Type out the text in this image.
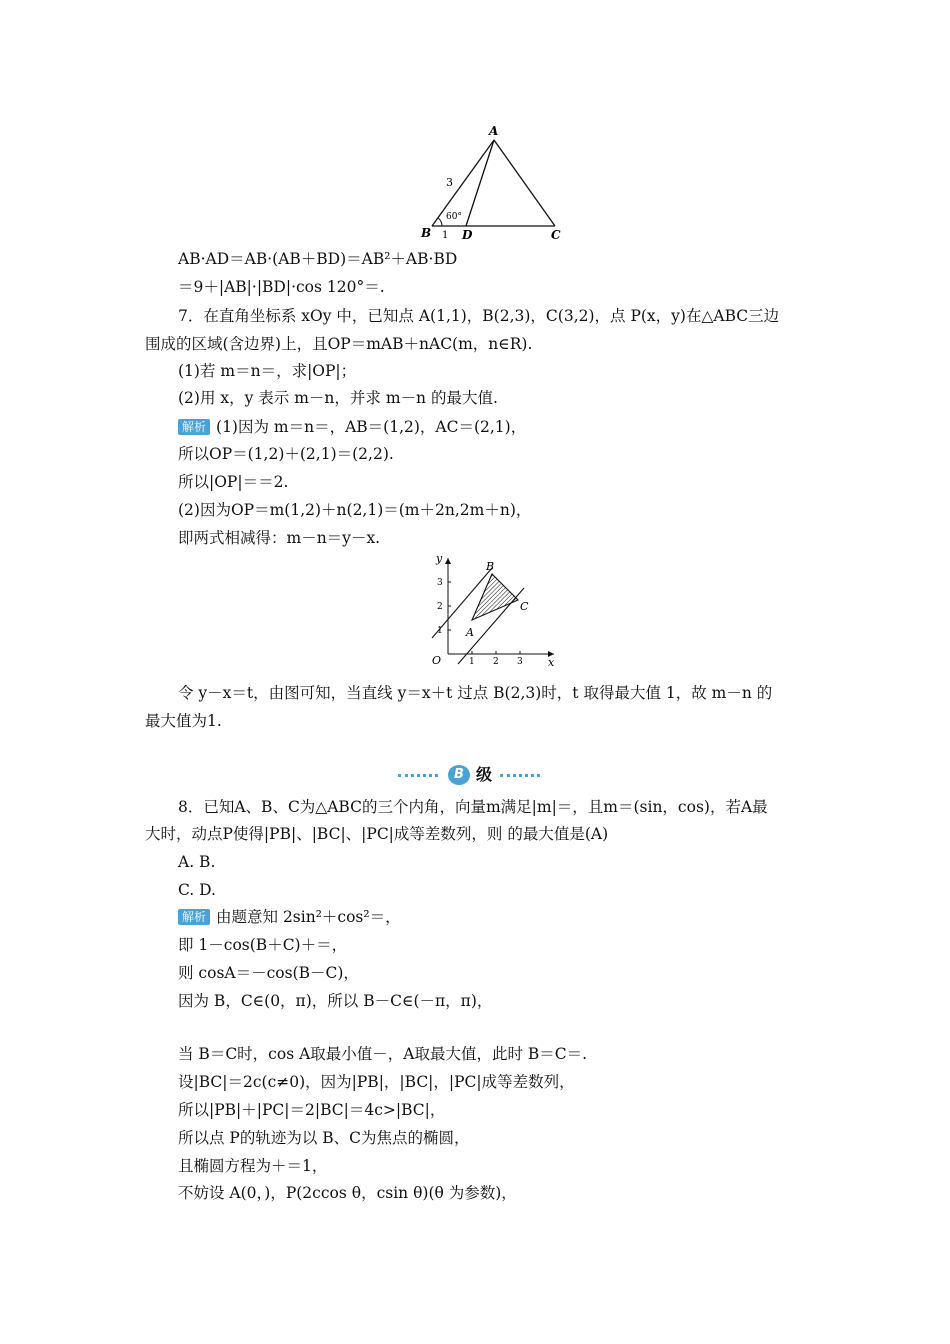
A
B	C
D
3
1
60°
AB·AD＝AB·(AB＋BD)＝AB²＋AB·BD
＝9＋|AB|·|BD|·cos 120°＝.
7．在直角坐标系 xOy 中，已知点 A(1,1)，B(2,3)，C(3,2)，点 P(x，y)在△ABC三边
围成的区域(含边界)上，且OP＝mAB＋nAC(m，n∈R).
(1)若 m＝n＝，求|OP|；
(2)用 x，y 表示 m－n，并求 m－n 的最大值.
解析 (1)因为 m＝n＝，AB＝(1,2)，AC＝(2,1)，
所以OP＝(1,2)＋(2,1)＝(2,2).
所以|OP|＝＝2.
(2)因为OP＝m(1,2)＋n(2,1)＝(m＋2n,2m＋n)，
即两式相减得：m－n＝y－x.
y
x
O
A
B
C
1 2 3
1
2
3
令 y－x＝t，由图可知，当直线 y＝x＋t 过点 B(2,3)时，t 取得最大值 1，故 m－n 的
最大值为1.
B 级
8．已知A、B、C为△ABC的三个内角，向量m满足|m|＝，且m＝(sin，cos)，若A最
大时，动点P使得|PB|、|BC|、|PC|成等差数列，则 的最大值是(A)
A. B.
C. D.
解析 由题意知 2sin²＋cos²＝，
即 1－cos(B＋C)＋＝，
则 cosA＝－cos(B－C)，
因为 B，C∈(0，π)，所以 B－C∈(－π，π)，
当 B＝C时，cos A取最小值－，A取最大值，此时 B＝C＝.
设|BC|＝2c(c≠0)，因为|PB|，|BC|，|PC|成等差数列，
所以|PB|＋|PC|＝2|BC|＝4c>|BC|，
所以点 P的轨迹为以 B、C为焦点的椭圆，
且椭圆方程为＋＝1，
不妨设 A(0，)，P(2ccos θ，csin θ)(θ 为参数)，
